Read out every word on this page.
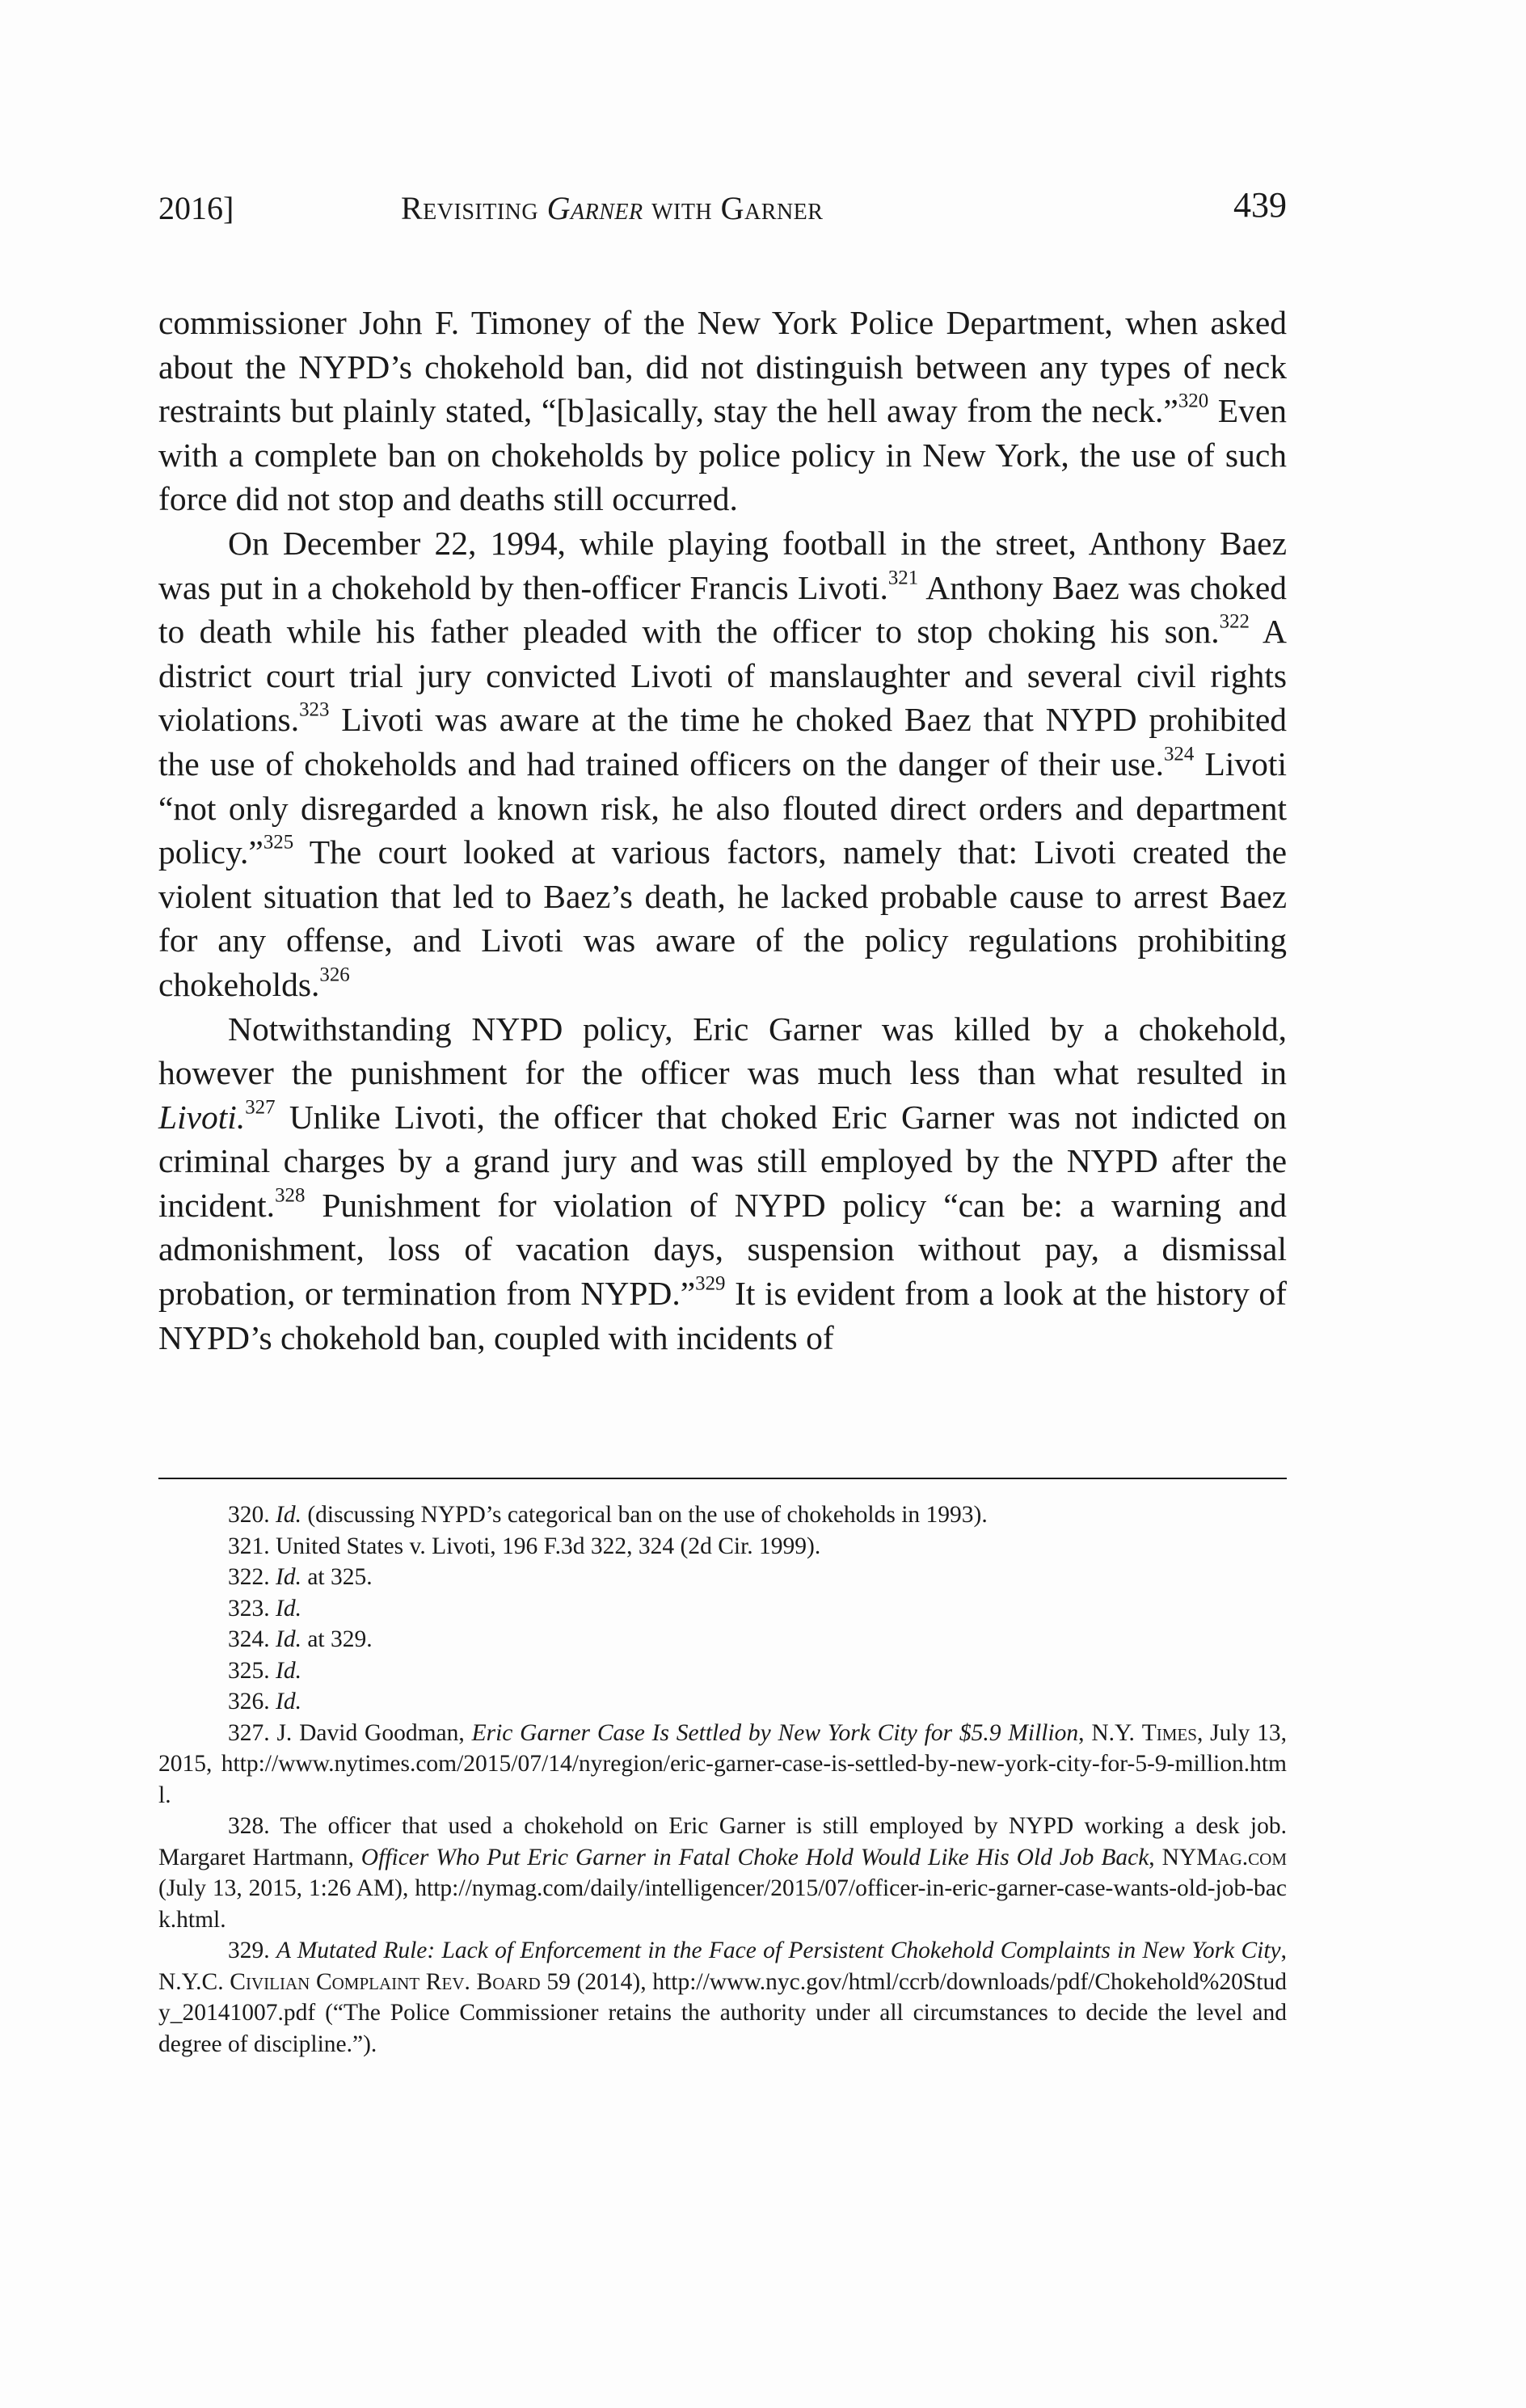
2016]	Revisiting Garner with Garner	439

commissioner John F. Timoney of the New York Police Department, when asked about the NYPD’s chokehold ban, did not distinguish between any types of neck restraints but plainly stated, “[b]asically, stay the hell away from the neck.”$^{320}$ Even with a complete ban on chokeholds by police policy in New York, the use of such force did not stop and deaths still occurred.

On December 22, 1994, while playing football in the street, Anthony Baez was put in a chokehold by then-officer Francis Livoti.$^{321}$ Anthony Baez was choked to death while his father pleaded with the officer to stop choking his son.$^{322}$ A district court trial jury convicted Livoti of manslaughter and several civil rights violations.$^{323}$ Livoti was aware at the time he choked Baez that NYPD prohibited the use of chokeholds and had trained officers on the danger of their use.$^{324}$ Livoti “not only disregarded a known risk, he also flouted direct orders and department policy.”$^{325}$ The court looked at various factors, namely that: Livoti created the violent situation that led to Baez’s death, he lacked probable cause to arrest Baez for any offense, and Livoti was aware of the policy regulations prohibiting chokeholds.$^{326}$

Notwithstanding NYPD policy, Eric Garner was killed by a chokehold, however the punishment for the officer was much less than what resulted in Livoti.$^{327}$ Unlike Livoti, the officer that choked Eric Garner was not indicted on criminal charges by a grand jury and was still employed by the NYPD after the incident.$^{328}$ Punishment for violation of NYPD policy “can be: a warning and admonishment, loss of vacation days, suspension without pay, a dismissal probation, or termination from NYPD.”$^{329}$ It is evident from a look at the history of NYPD’s chokehold ban, coupled with incidents of

320. Id. (discussing NYPD’s categorical ban on the use of chokeholds in 1993).

321. United States v. Livoti, 196 F.3d 322, 324 (2d Cir. 1999).

322. Id. at 325.

323. Id.

324. Id. at 329.

325. Id.

326. Id.

327. J. David Goodman, Eric Garner Case Is Settled by New York City for $5.9 Million, N.Y. Times, July 13, 2015, http://www.nytimes.com/2015/07/14/nyregion/eric-garner-case-is-settled-by-new-york-city-for-5-9-million.html.

328. The officer that used a chokehold on Eric Garner is still employed by NYPD working a desk job. Margaret Hartmann, Officer Who Put Eric Garner in Fatal Choke Hold Would Like His Old Job Back, NYMag.com (July 13, 2015, 1:26 AM), http://nymag.com/daily/intelligencer/2015/07/officer-in-eric-garner-case-wants-old-job-back.html.

329. A Mutated Rule: Lack of Enforcement in the Face of Persistent Chokehold Complaints in New York City, N.Y.C. Civilian Complaint Rev. Board 59 (2014), http://www.nyc.gov/html/ccrb/downloads/pdf/Chokehold%20Study_20141007.pdf (“The Police Commissioner retains the authority under all circumstances to decide the level and degree of discipline.”).
